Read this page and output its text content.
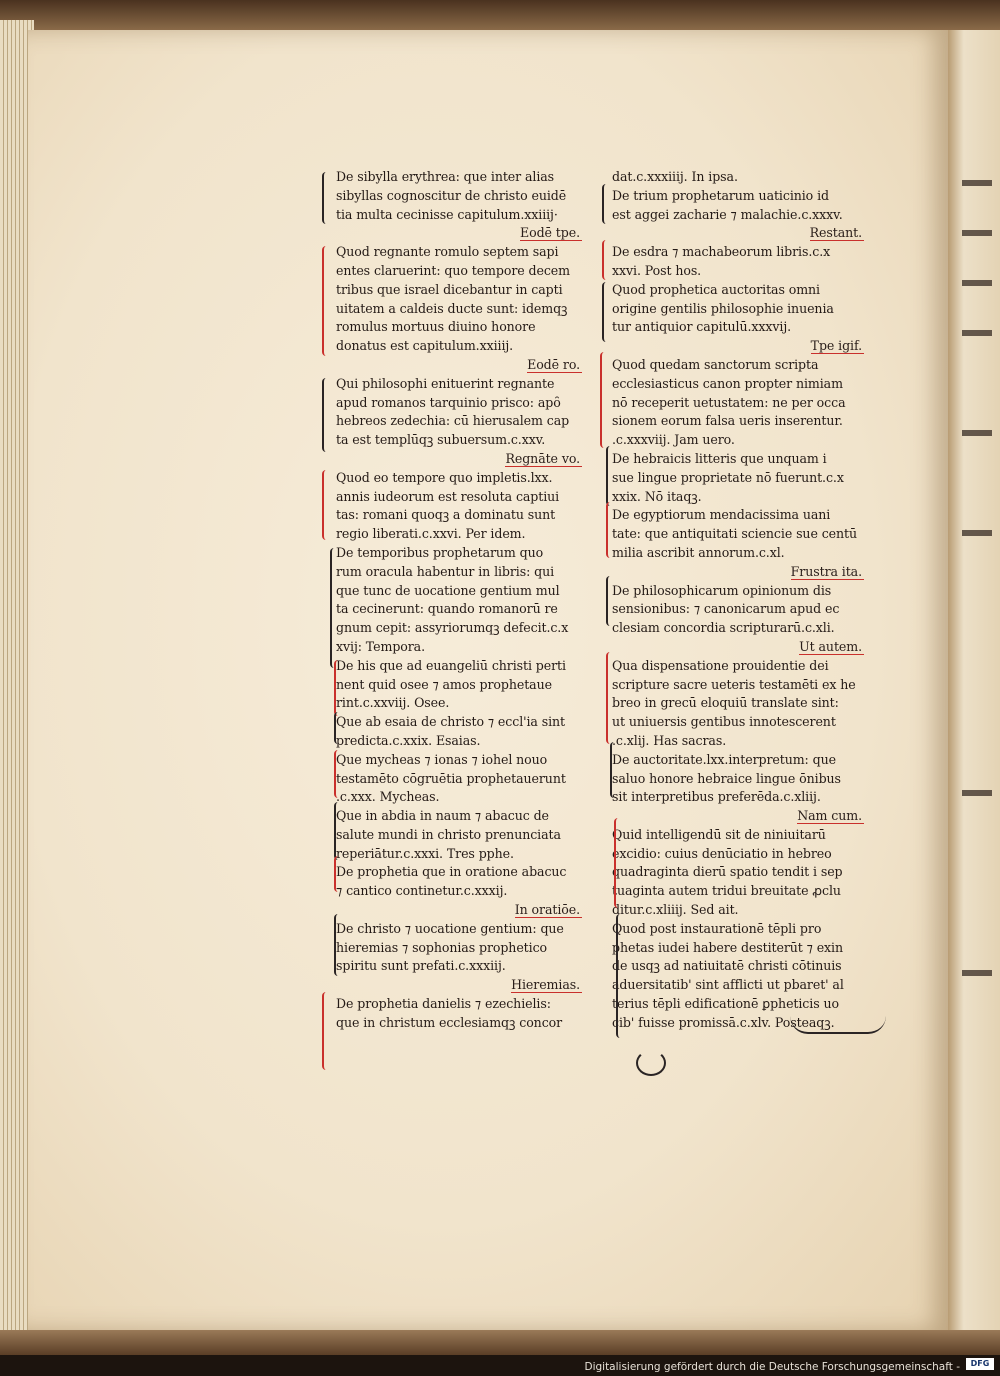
De sibylla erythrea: que inter alias
sibyllas cognoscitur de christo euidē
tia multa cecinisse capitulum.xxiiij·
Eodē tpe.
Quod regnante romulo septem sapi
entes claruerint: quo tempore decem
tribus que israel dicebantur in capti
uitatem a caldeis ducte sunt: idemqꝫ
romulus mortuus diuino honore
donatus est capitulum.xxiiij.
Eodē ro.
Qui philosophi enituerint regnante
apud romanos tarquinio prisco: apȏ
hebreos zedechia: cū hierusalem cap
ta est templūqꝫ subuersum.c.xxv.
Regnāte vo.
Quod eo tempore quo impletis.lxx.
annis iudeorum est resoluta captiui
tas: romani quoqꝫ a dominatu sunt
regio liberati.c.xxvi. Per idem.
De temporibus prophetarum quo
rum oracula habentur in libris: qui
que tunc de uocatione gentium mul
ta cecinerunt: quando romanorū re
gnum cepit: assyriorumqꝫ defecit.c.x
xvij: Tempora.
De his que ad euangeliū christi perti
nent quid osee ⁊ amos prophetaue
rint.c.xxviij. Osee.
Que ab esaia de christo ⁊ eccl'ia sint
predicta.c.xxix. Esaias.
Que mycheas ⁊ ionas ⁊ iohel nouo
testamēto cōgruētia prophetauerunt
.c.xxx. Mycheas.
Que in abdia in naum ⁊ abacuc de
salute mundi in christo prenunciata
reperiātur.c.xxxi. Tres pphe.
De prophetia que in oratione abacuc
⁊ cantico continetur.c.xxxij.
In oratiōe.
De christo ⁊ uocatione gentium: que
hieremias ⁊ sophonias prophetico
spiritu sunt prefati.c.xxxiij.
Hieremias.
De prophetia danielis ⁊ ezechielis:
que in christum ecclesiamqꝫ concor
dat.c.xxxiiij. In ipsa.
De trium prophetarum uaticinio id
est aggei zacharie ⁊ malachie.c.xxxv.
Restant.
De esdra ⁊ machabeorum libris.c.x
xxvi. Post hos.
Quod prophetica auctoritas omni
origine gentilis philosophie inuenia
tur antiquior capitulū.xxxvij.
Tpe igif.
Quod quedam sanctorum scripta
ecclesiasticus canon propter nimiam
nō receperit uetustatem: ne per occa
sionem eorum falsa ueris inserentur.
.c.xxxviij. Jam uero.
De hebraicis litteris que unquam i
sue lingue proprietate nō fuerunt.c.x
xxix. Nō itaqꝫ.
De egyptiorum mendacissima uani
tate: que antiquitati sciencie sue centū
milia ascribit annorum.c.xl.
Frustra ita.
De philosophicarum opinionum dis
sensionibus: ⁊ canonicarum apud ec
clesiam concordia scripturarū.c.xli.
Ut autem.
Qua dispensatione prouidentie dei
scripture sacre ueteris testamēti ex he
breo in grecū eloquiū translate sint:
ut uniuersis gentibus innotescerent
.c.xlij. Has sacras.
De auctoritate.lxx.interpretum: que
saluo honore hebraice lingue ōnibus
sit interpretibus preferēda.c.xliij.
Nam cum.
Quid intelligendū sit de niniuitarū
excidio: cuius denūciatio in hebreo
quadraginta dierū spatio tendit i sep
tuaginta autem tridui breuitate ꝓclu
ditur.c.xliiij. Sed ait.
Quod post instaurationē tēpli pro
phetas iudei habere destiterūt ⁊ exin
de usqꝫ ad natiuitatē christi cōtinuis
aduersitatib' sint afflicti ut pbaret' al
terius tēpli edificationē ꝑpheticis uo
cib' fuisse promissā.c.xlv. Posteaqꝫ.
Digitalisierung gefördert durch die Deutsche Forschungsgemeinschaft -	DFG
